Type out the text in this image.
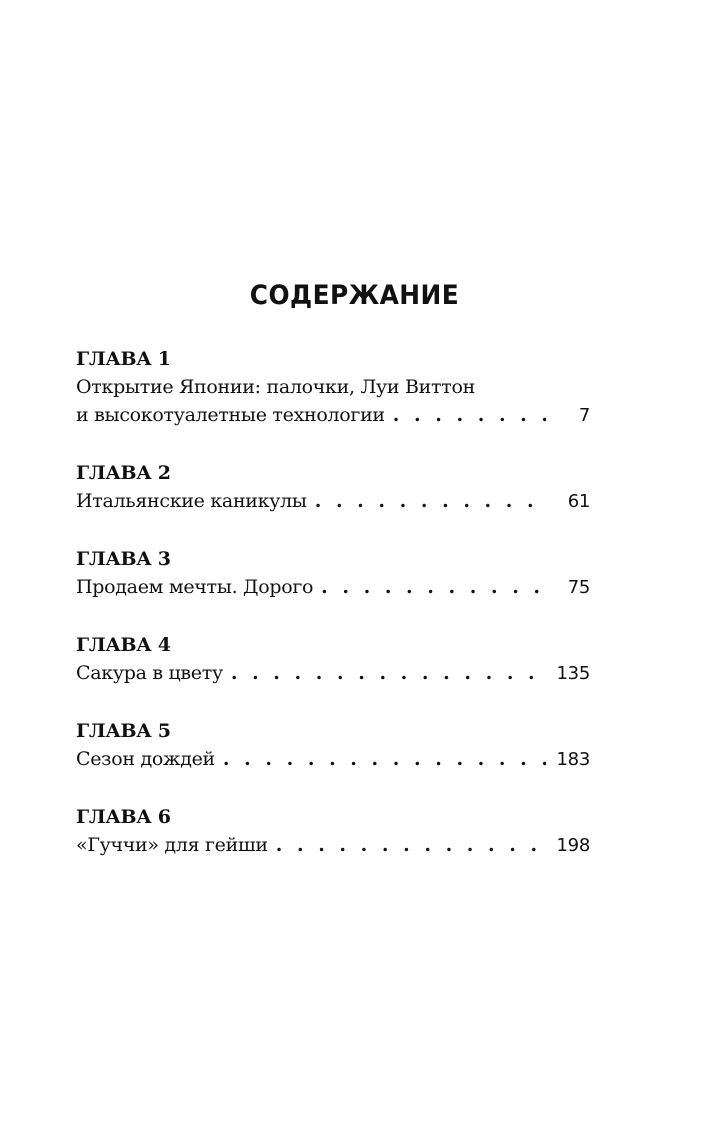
СОДЕРЖАНИЕ
ГЛАВА 1
Открытие Японии: палочки, Луи Виттон
и высокотуалетные технологии . . .	7
ГЛАВА 2
Итальянские каникулы . . .	61
ГЛАВА 3
Продаем мечты. Дорого . . .	75
ГЛАВА 4
Сакура в цвету . . .	135
ГЛАВА 5
Сезон дождей . . .	183
ГЛАВА 6
«Гуччи» для гейши . . .	198
